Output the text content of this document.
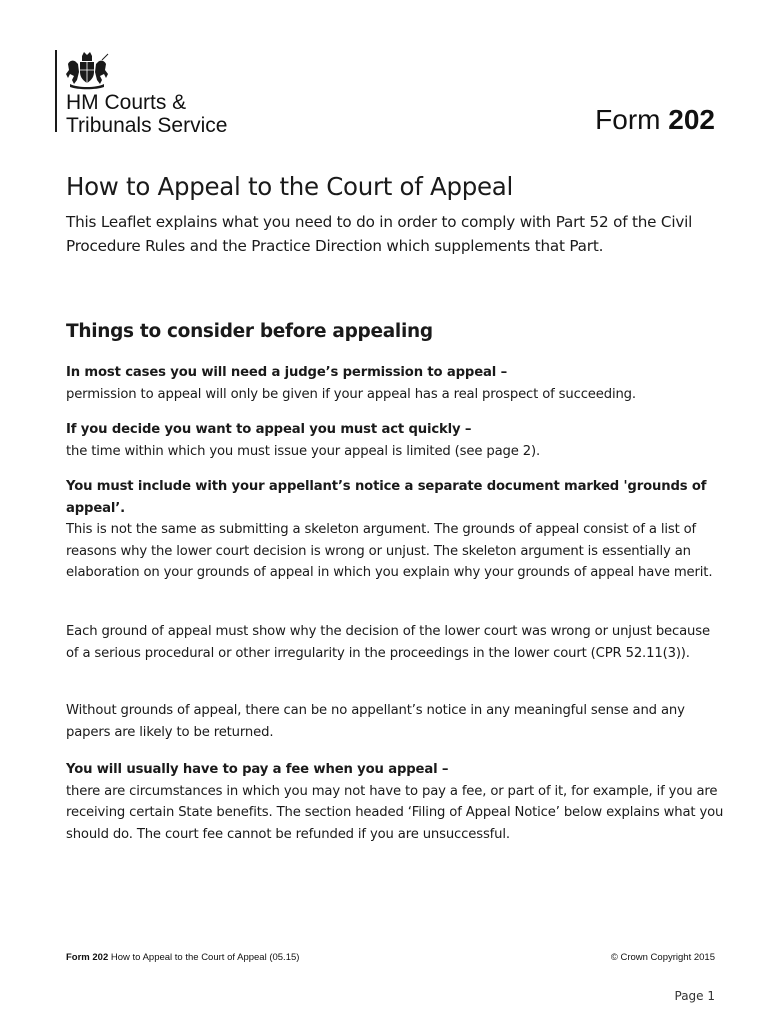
HM Courts &
Tribunals Service	Form 202
How to Appeal to the Court of Appeal
This Leaflet explains what you need to do in order to comply with Part 52 of the Civil Procedure Rules and the Practice Direction which supplements that Part.
Things to consider before appealing
In most cases you will need a judge’s permission to appeal –
permission to appeal will only be given if your appeal has a real prospect of succeeding.
If you decide you want to appeal you must act quickly –
the time within which you must issue your appeal is limited (see page 2).
You must include with your appellant’s notice a separate document marked 'grounds of appeal’.
This is not the same as submitting a skeleton argument. The grounds of appeal consist of a list of reasons why the lower court decision is wrong or unjust. The skeleton argument is essentially an elaboration on your grounds of appeal in which you explain why your grounds of appeal have merit.
Each ground of appeal must show why the decision of the lower court was wrong or unjust because of a serious procedural or other irregularity in the proceedings in the lower court (CPR 52.11(3)).
Without grounds of appeal, there can be no appellant’s notice in any meaningful sense and any papers are likely to be returned.
You will usually have to pay a fee when you appeal –
there are circumstances in which you may not have to pay a fee, or part of it, for example, if you are receiving certain State benefits. The section headed ‘Filing of Appeal Notice’ below explains what you should do. The court fee cannot be refunded if you are unsuccessful.
Form 202 How to Appeal to the Court of Appeal (05.15)	© Crown Copyright 2015
Page 1
